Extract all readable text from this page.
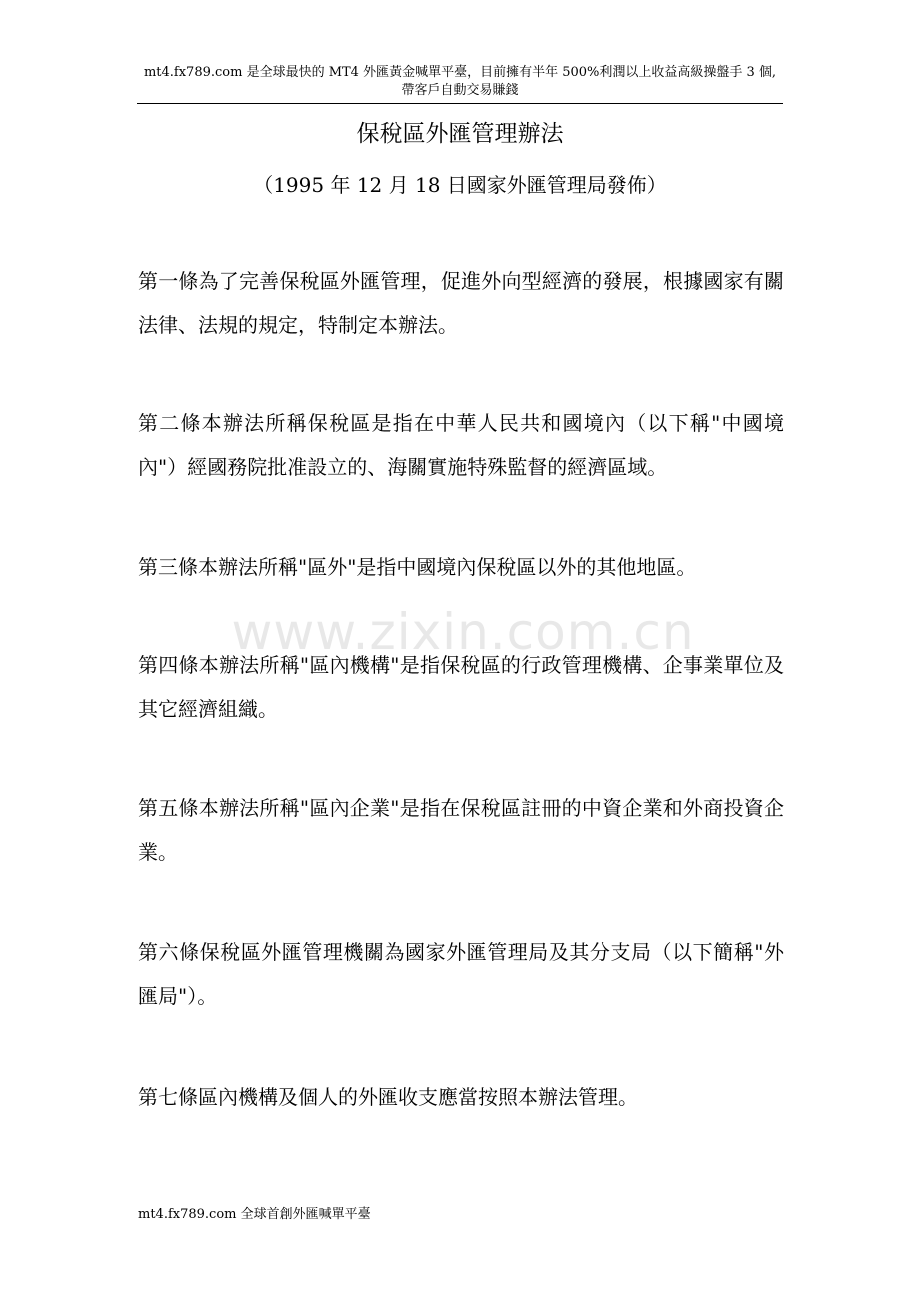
mt4.fx789.com 是全球最快的 MT4 外匯黃金喊單平臺，目前擁有半年 500%利潤以上收益高級操盤手 3 個,
帶客戶自動交易賺錢
保稅區外匯管理辦法
（1995 年 12 月 18 日國家外匯管理局發佈）

第一條為了完善保稅區外匯管理，促進外向型經濟的發展，根據國家有關法律、法規的規定，特制定本辦法。

第二條本辦法所稱保稅區是指在中華人民共和國境內（以下稱"中國境內"）經國務院批准設立的、海關實施特殊監督的經濟區域。

第三條本辦法所稱"區外"是指中國境內保稅區以外的其他地區。

第四條本辦法所稱"區內機構"是指保稅區的行政管理機構、企事業單位及其它經濟組織。

第五條本辦法所稱"區內企業"是指在保稅區註冊的中資企業和外商投資企業。

第六條保稅區外匯管理機關為國家外匯管理局及其分支局（以下簡稱"外匯局"）。

第七條區內機構及個人的外匯收支應當按照本辦法管理。

www.zixin.com.cn
mt4.fx789.com 全球首創外匯喊單平臺
